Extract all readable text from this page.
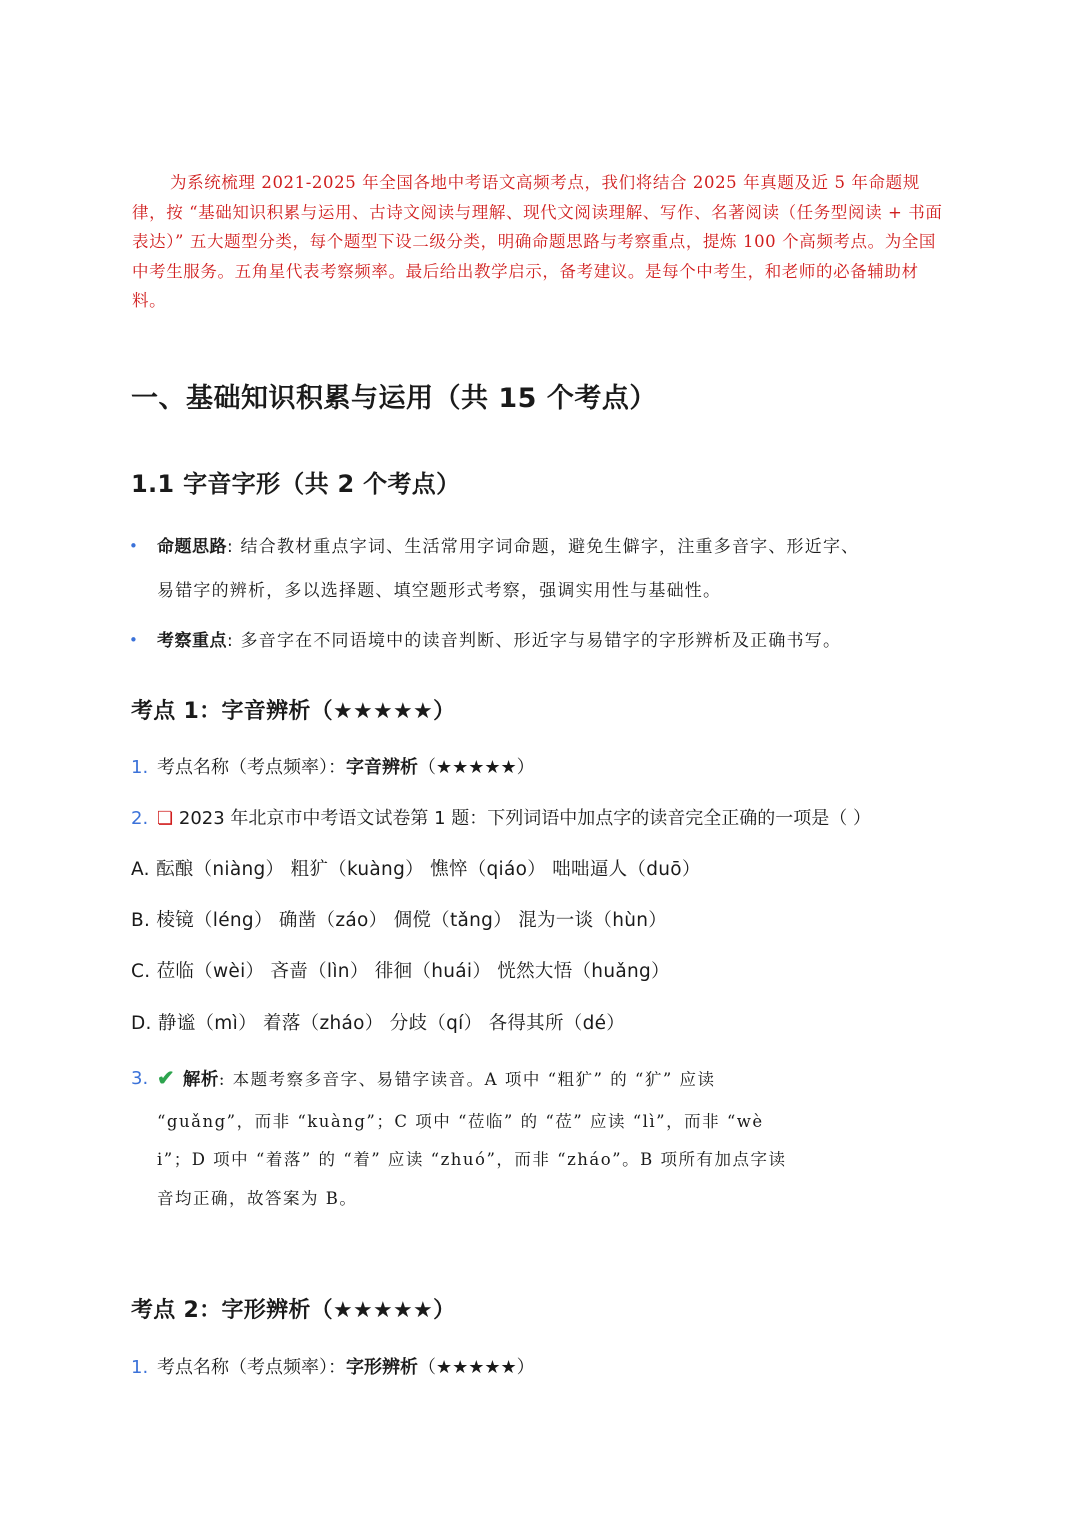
为系统梳理 2021-2025 年全国各地中考语文高频考点，我们将结合 2025 年真题及近 5 年命题规律，按 “基础知识积累与运用、古诗文阅读与理解、现代文阅读理解、写作、名著阅读（任务型阅读 + 书面表达）” 五大题型分类，每个题型下设二级分类，明确命题思路与考察重点，提炼 100 个高频考点。为全国中考生服务。五角星代表考察频率。最后给出教学启示，备考建议。是每个中考生，和老师的必备辅助材料。

一、基础知识积累与运用（共 15 个考点）
1.1 字音字形（共 2 个考点）
• 命题思路: 结合教材重点字词、生活常用字词命题，避免生僻字，注重多音字、形近字、
易错字的辨析，多以选择题、填空题形式考察，强调实用性与基础性。
• 考察重点: 多音字在不同语境中的读音判断、形近字与易错字的字形辨析及正确书写。
考点 1：字音辨析（★★★★★）
1. 考点名称（考点频率）：字音辨析（★★★★★）
2. ❏ 2023 年北京市中考语文试卷第 1 题：下列词语中加点字的读音完全正确的一项是（ ）
A. 酝酿（niàng） 粗犷（kuàng） 憔悴（qiáo） 咄咄逼人（duō）
B. 棱镜（léng） 确凿（záo） 倜傥（tǎng） 混为一谈（hùn）
C. 莅临（wèi） 吝啬（lìn） 徘徊（huái） 恍然大悟（huǎng）
D. 静谧（mì） 着落（zháo） 分歧（qí） 各得其所（dé）
3. ✔ 解析: 本题考察多音字、易错字读音。A 项中 “粗犷” 的 “犷” 应读
“guǎng”，而非 “kuàng”；C 项中 “莅临” 的 “莅” 应读 “lì”，而非 “wè
i”；D 项中 “着落” 的 “着” 应读 “zhuó”，而非 “zháo”。B 项所有加点字读
音均正确，故答案为 B。
考点 2：字形辨析（★★★★★）
1. 考点名称（考点频率）：字形辨析（★★★★★）
